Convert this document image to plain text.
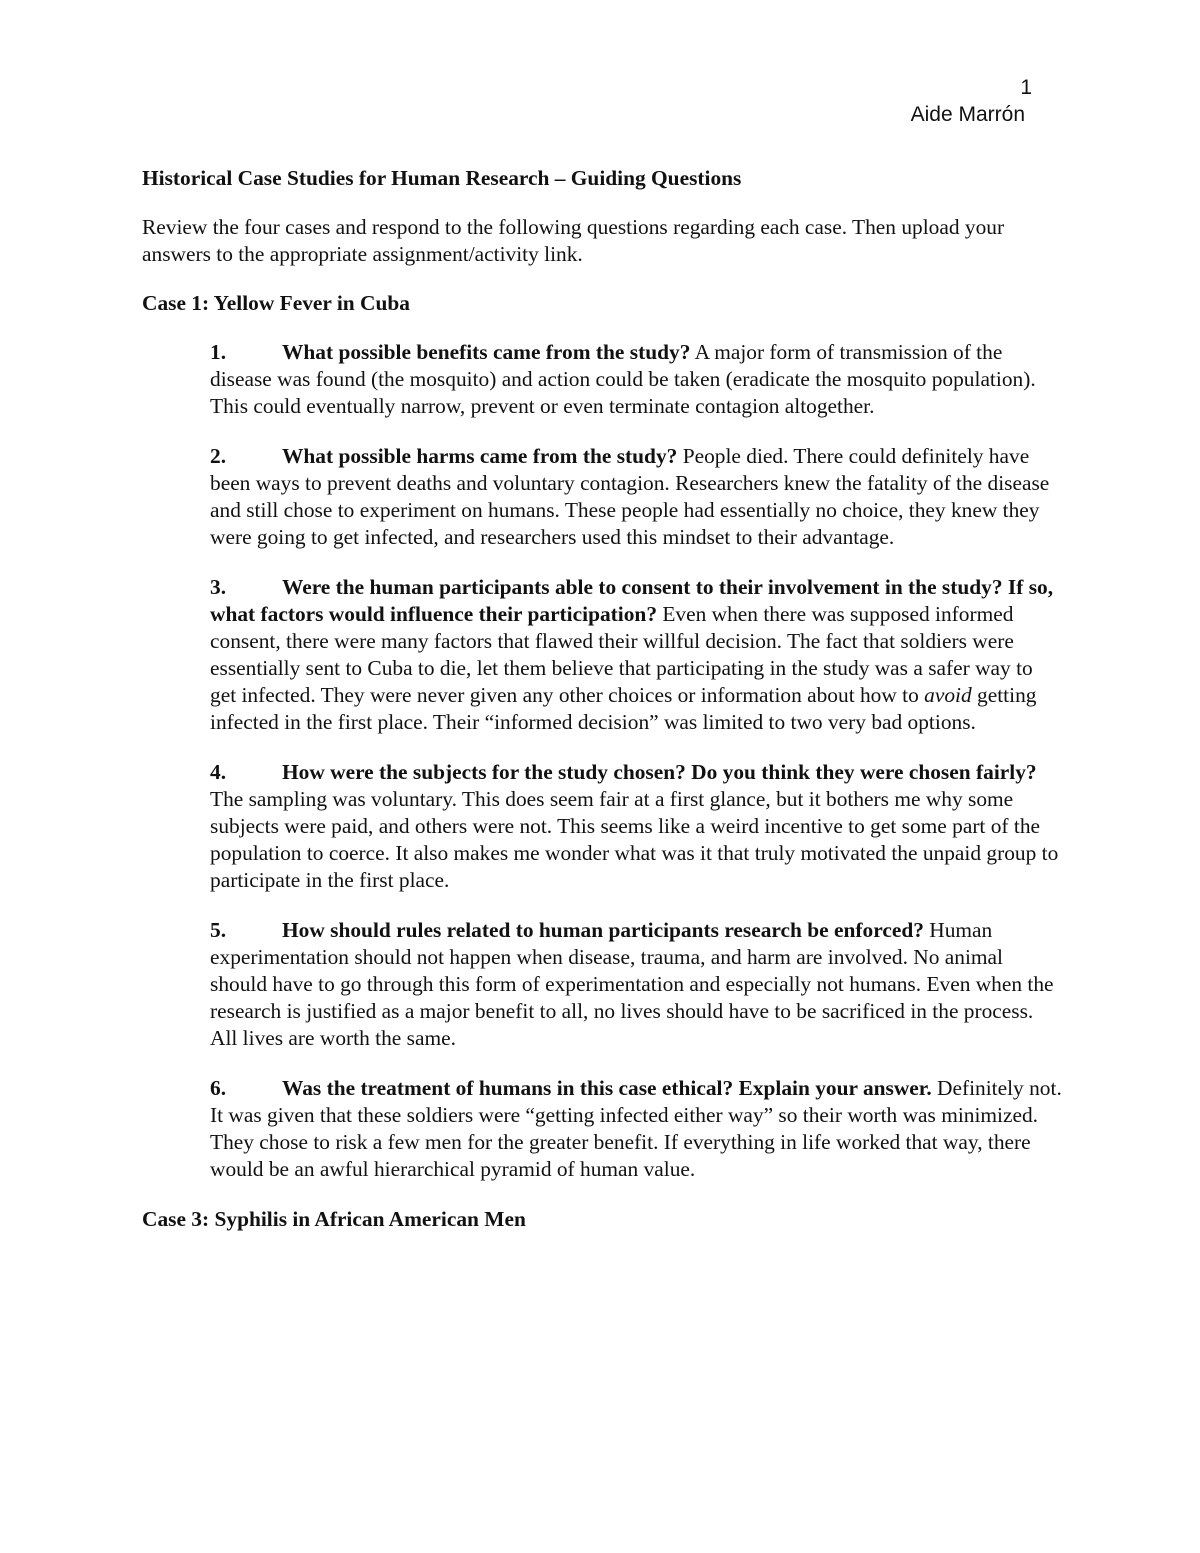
1
Aide Marrón
Historical Case Studies for Human Research – Guiding Questions
Review the four cases and respond to the following questions regarding each case. Then upload your answers to the appropriate assignment/activity link.
Case 1: Yellow Fever in Cuba
1.	What possible benefits came from the study? A major form of transmission of the disease was found (the mosquito) and action could be taken (eradicate the mosquito population). This could eventually narrow, prevent or even terminate contagion altogether.
2.	What possible harms came from the study? People died. There could definitely have been ways to prevent deaths and voluntary contagion. Researchers knew the fatality of the disease and still chose to experiment on humans. These people had essentially no choice, they knew they were going to get infected, and researchers used this mindset to their advantage.
3.	Were the human participants able to consent to their involvement in the study? If so, what factors would influence their participation? Even when there was supposed informed consent, there were many factors that flawed their willful decision. The fact that soldiers were essentially sent to Cuba to die, let them believe that participating in the study was a safer way to get infected. They were never given any other choices or information about how to avoid getting infected in the first place. Their “informed decision” was limited to two very bad options.
4.	How were the subjects for the study chosen? Do you think they were chosen fairly? The sampling was voluntary. This does seem fair at a first glance, but it bothers me why some subjects were paid, and others were not. This seems like a weird incentive to get some part of the population to coerce. It also makes me wonder what was it that truly motivated the unpaid group to participate in the first place.
5.	How should rules related to human participants research be enforced? Human experimentation should not happen when disease, trauma, and harm are involved. No animal should have to go through this form of experimentation and especially not humans. Even when the research is justified as a major benefit to all, no lives should have to be sacrificed in the process. All lives are worth the same.
6.	Was the treatment of humans in this case ethical? Explain your answer. Definitely not. It was given that these soldiers were “getting infected either way” so their worth was minimized. They chose to risk a few men for the greater benefit. If everything in life worked that way, there would be an awful hierarchical pyramid of human value.
Case 3: Syphilis in African American Men
